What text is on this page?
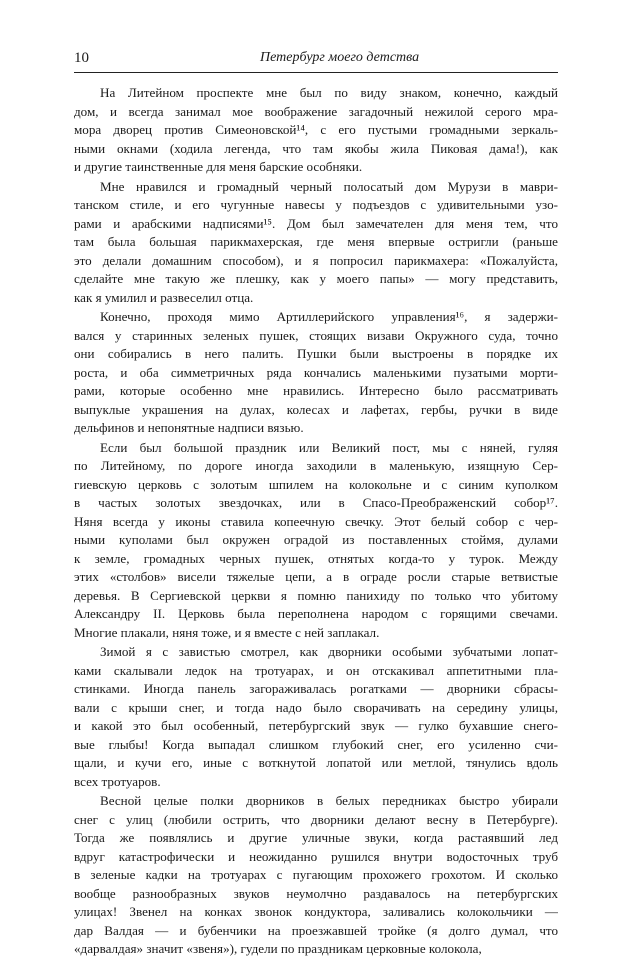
10	Петербург моего детства
На Литейном проспекте мне был по виду знаком, конечно, каждый
дом, и всегда занимал мое воображение загадочный нежилой серого мра-
мора дворец против Симеоновской¹⁴, с его пустыми громадными зеркаль-
ными окнами (ходила легенда, что там якобы жила Пиковая дама!), как
и другие таинственные для меня барские особняки.
Мне нравился и громадный черный полосатый дом Мурузи в маври-
танском стиле, и его чугунные навесы у подъездов с удивительными узо-
рами и арабскими надписями¹⁵. Дом был замечателен для меня тем, что
там была большая парикмахерская, где меня впервые остригли (раньше
это делали домашним способом), и я попросил парикмахера: «Пожалуйста,
сделайте мне такую же плешку, как у моего папы» — могу представить,
как я умилил и развеселил отца.
Конечно, проходя мимо Артиллерийского управления¹⁶, я задержи-
вался у старинных зеленых пушек, стоящих визави Окружного суда, точно
они собирались в него палить. Пушки были выстроены в порядке их
роста, и оба симметричных ряда кончались маленькими пузатыми морти-
рами, которые особенно мне нравились. Интересно было рассматривать
выпуклые украшения на дулах, колесах и лафетах, гербы, ручки в виде
дельфинов и непонятные надписи вязью.
Если был большой праздник или Великий пост, мы с няней, гуляя
по Литейному, по дороге иногда заходили в маленькую, изящную Сер-
гиевскую церковь с золотым шпилем на колокольне и с синим куполком
в частых золотых звездочках, или в Спасо-Преображенский собор¹⁷.
Няня всегда у иконы ставила копеечную свечку. Этот белый собор с чер-
ными куполами был окружен оградой из поставленных стоймя, дулами
к земле, громадных черных пушек, отнятых когда-то у турок. Между
этих «столбов» висели тяжелые цепи, а в ограде росли старые ветвистые
деревья. В Сергиевской церкви я помню панихиду по только что убитому
Александру II. Церковь была переполнена народом с горящими свечами.
Многие плакали, няня тоже, и я вместе с ней заплакал.
Зимой я с завистью смотрел, как дворники особыми зубчатыми лопат-
ками скалывали ледок на тротуарах, и он отскакивал аппетитными пла-
стинками. Иногда панель загораживалась рогатками — дворники сбрасы-
вали с крыши снег, и тогда надо было сворачивать на середину улицы,
и какой это был особенный, петербургский звук — гулко бухавшие снего-
вые глыбы! Когда выпадал слишком глубокий снег, его усиленно счи-
щали, и кучи его, иные с воткнутой лопатой или метлой, тянулись вдоль
всех тротуаров.
Весной целые полки дворников в белых передниках быстро убирали
снег с улиц (любили острить, что дворники делают весну в Петербурге).
Тогда же появлялись и другие уличные звуки, когда растаявший лед
вдруг катастрофически и неожиданно рушился внутри водосточных труб
в зеленые кадки на тротуарах с пугающим прохожего грохотом. И сколько
вообще разнообразных звуков неумолчно раздавалось на петербургских
улицах! Звенел на конках звонок кондуктора, заливались колокольчики —
дар Валдая — и бубенчики на проезжавшей тройке (я долго думал, что
«дарвалдая» значит «звеня»), гудели по праздникам церковные колокола,
